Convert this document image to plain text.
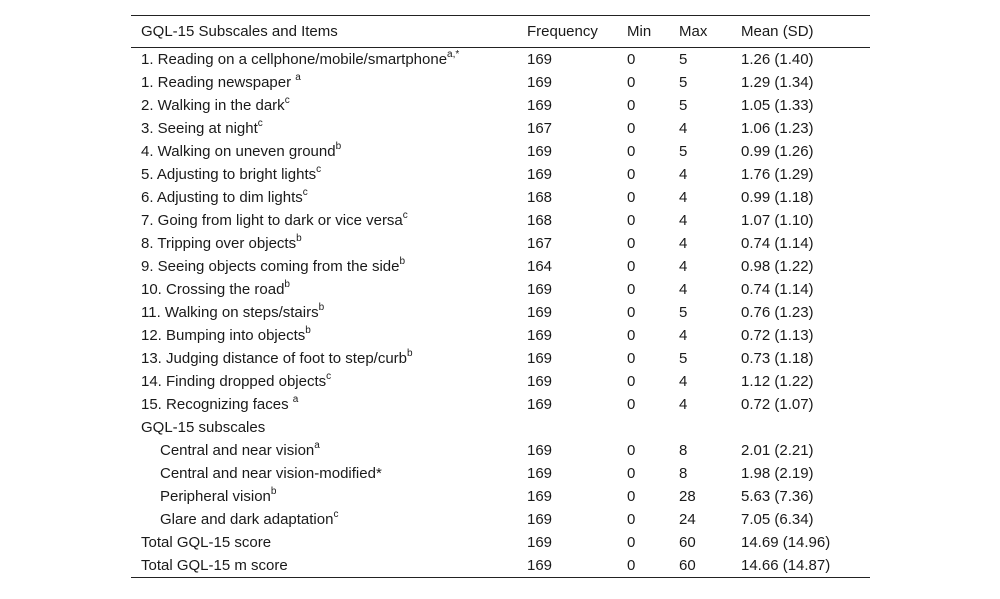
GQL-15 Subscales and Items	Frequency	Min	Max	Mean (SD)
1. Reading on a cellphone/mobile/smartphone$^{a,*}$	169	0	5	1.26 (1.40)
1. Reading newspaper $^a$	169	0	5	1.29 (1.34)
2. Walking in the dark$^c$	169	0	5	1.05 (1.33)
3. Seeing at night$^c$	167	0	4	1.06 (1.23)
4. Walking on uneven ground$^b$	169	0	5	0.99 (1.26)
5. Adjusting to bright lights$^c$	169	0	4	1.76 (1.29)
6. Adjusting to dim lights$^c$	168	0	4	0.99 (1.18)
7. Going from light to dark or vice versa$^c$	168	0	4	1.07 (1.10)
8. Tripping over objects$^b$	167	0	4	0.74 (1.14)
9. Seeing objects coming from the side$^b$	164	0	4	0.98 (1.22)
10. Crossing the road$^b$	169	0	4	0.74 (1.14)
11. Walking on steps/stairs$^b$	169	0	5	0.76 (1.23)
12. Bumping into objects$^b$	169	0	4	0.72 (1.13)
13. Judging distance of foot to step/curb$^b$	169	0	5	0.73 (1.18)
14. Finding dropped objects$^c$	169	0	4	1.12 (1.22)
15. Recognizing faces $^a$	169	0	4	0.72 (1.07)
GQL-15 subscales				
Central and near vision$^a$	169	0	8	2.01 (2.21)
Central and near vision-modified*	169	0	8	1.98 (2.19)
Peripheral vision$^b$	169	0	28	5.63 (7.36)
Glare and dark adaptation$^c$	169	0	24	7.05 (6.34)
Total GQL-15 score	169	0	60	14.69 (14.96)
Total GQL-15 m score	169	0	60	14.66 (14.87)
